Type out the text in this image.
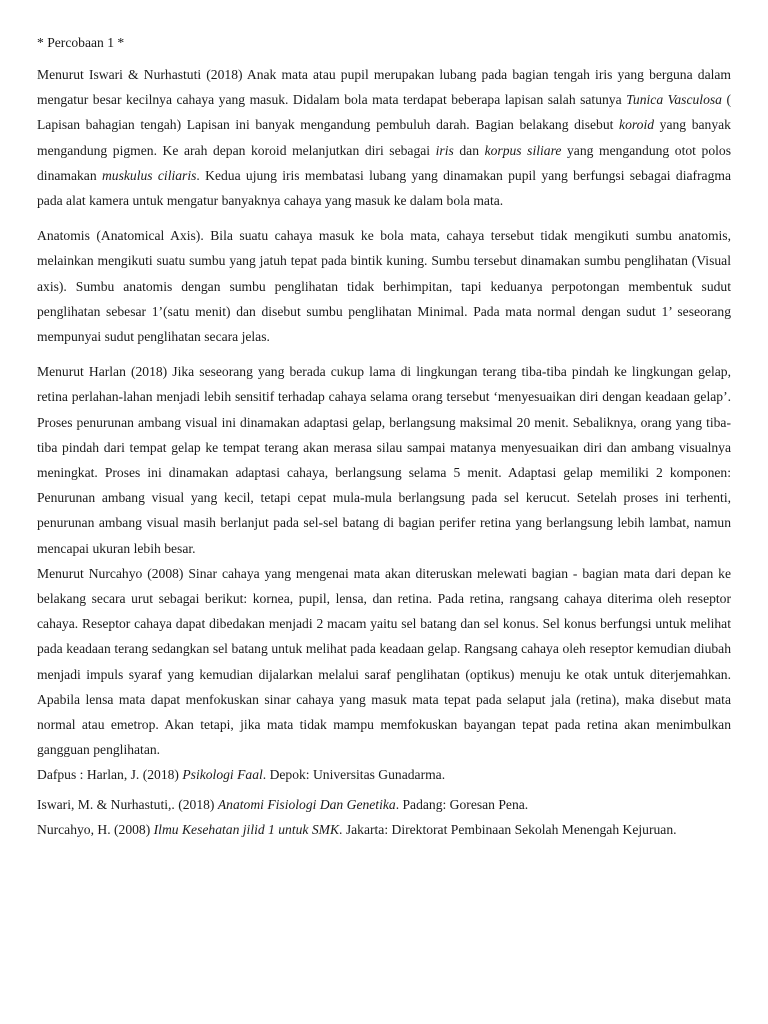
* Percobaan 1 *

Menurut Iswari & Nurhastuti (2018) Anak mata atau pupil merupakan lubang pada bagian tengah iris yang berguna dalam mengatur besar kecilnya cahaya yang masuk. Didalam bola mata terdapat beberapa lapisan salah satunya Tunica Vasculosa ( Lapisan bahagian tengah) Lapisan ini banyak mengandung pembuluh darah. Bagian belakang disebut koroid yang banyak mengandung pigmen. Ke arah depan koroid melanjutkan diri sebagai iris dan korpus siliare yang mengandung otot polos dinamakan muskulus ciliaris. Kedua ujung iris membatasi lubang yang dinamakan pupil yang berfungsi sebagai diafragma pada alat kamera untuk mengatur banyaknya cahaya yang masuk ke dalam bola mata.

Anatomis (Anatomical Axis). Bila suatu cahaya masuk ke bola mata, cahaya tersebut tidak mengikuti sumbu anatomis, melainkan mengikuti suatu sumbu yang jatuh tepat pada bintik kuning. Sumbu tersebut dinamakan sumbu penglihatan (Visual axis). Sumbu anatomis dengan sumbu penglihatan tidak berhimpitan, tapi keduanya perpotongan membentuk sudut penglihatan sebesar 1’(satu menit) dan disebut sumbu penglihatan Minimal. Pada mata normal dengan sudut 1’ seseorang mempunyai sudut penglihatan secara jelas.

Menurut Harlan (2018) Jika seseorang yang berada cukup lama di lingkungan terang tiba-tiba pindah ke lingkungan gelap, retina perlahan-lahan menjadi lebih sensitif terhadap cahaya selama orang tersebut ‘menyesuaikan diri dengan keadaan gelap’. Proses penurunan ambang visual ini dinamakan adaptasi gelap, berlangsung maksimal 20 menit. Sebaliknya, orang yang tiba-tiba pindah dari tempat gelap ke tempat terang akan merasa silau sampai matanya menyesuaikan diri dan ambang visualnya meningkat. Proses ini dinamakan adaptasi cahaya, berlangsung selama 5 menit. Adaptasi gelap memiliki 2 komponen: Penurunan ambang visual yang kecil, tetapi cepat mula-mula berlangsung pada sel kerucut. Setelah proses ini terhenti, penurunan ambang visual masih berlanjut pada sel-sel batang di bagian perifer retina yang berlangsung lebih lambat, namun mencapai ukuran lebih besar.

Menurut Nurcahyo (2008) Sinar cahaya yang mengenai mata akan diteruskan melewati bagian - bagian mata dari depan ke belakang secara urut sebagai berikut: kornea, pupil, lensa, dan retina. Pada retina, rangsang cahaya diterima oleh reseptor cahaya. Reseptor cahaya dapat dibedakan menjadi 2 macam yaitu sel batang dan sel konus. Sel konus berfungsi untuk melihat pada keadaan terang sedangkan sel batang untuk melihat pada keadaan gelap. Rangsang cahaya oleh reseptor kemudian diubah menjadi impuls syaraf yang kemudian dijalarkan melalui saraf penglihatan (optikus) menuju ke otak untuk diterjemahkan. Apabila lensa mata dapat menfokuskan sinar cahaya yang masuk mata tepat pada selaput jala (retina), maka disebut mata normal atau emetrop. Akan tetapi, jika mata tidak mampu memfokuskan bayangan tepat pada retina akan menimbulkan gangguan penglihatan.

Dafpus : Harlan, J. (2018) Psikologi Faal. Depok: Universitas Gunadarma.

Iswari, M. & Nurhastuti,. (2018) Anatomi Fisiologi Dan Genetika. Padang: Goresan Pena.

Nurcahyo, H. (2008) Ilmu Kesehatan jilid 1 untuk SMK. Jakarta: Direktorat Pembinaan Sekolah Menengah Kejuruan.
